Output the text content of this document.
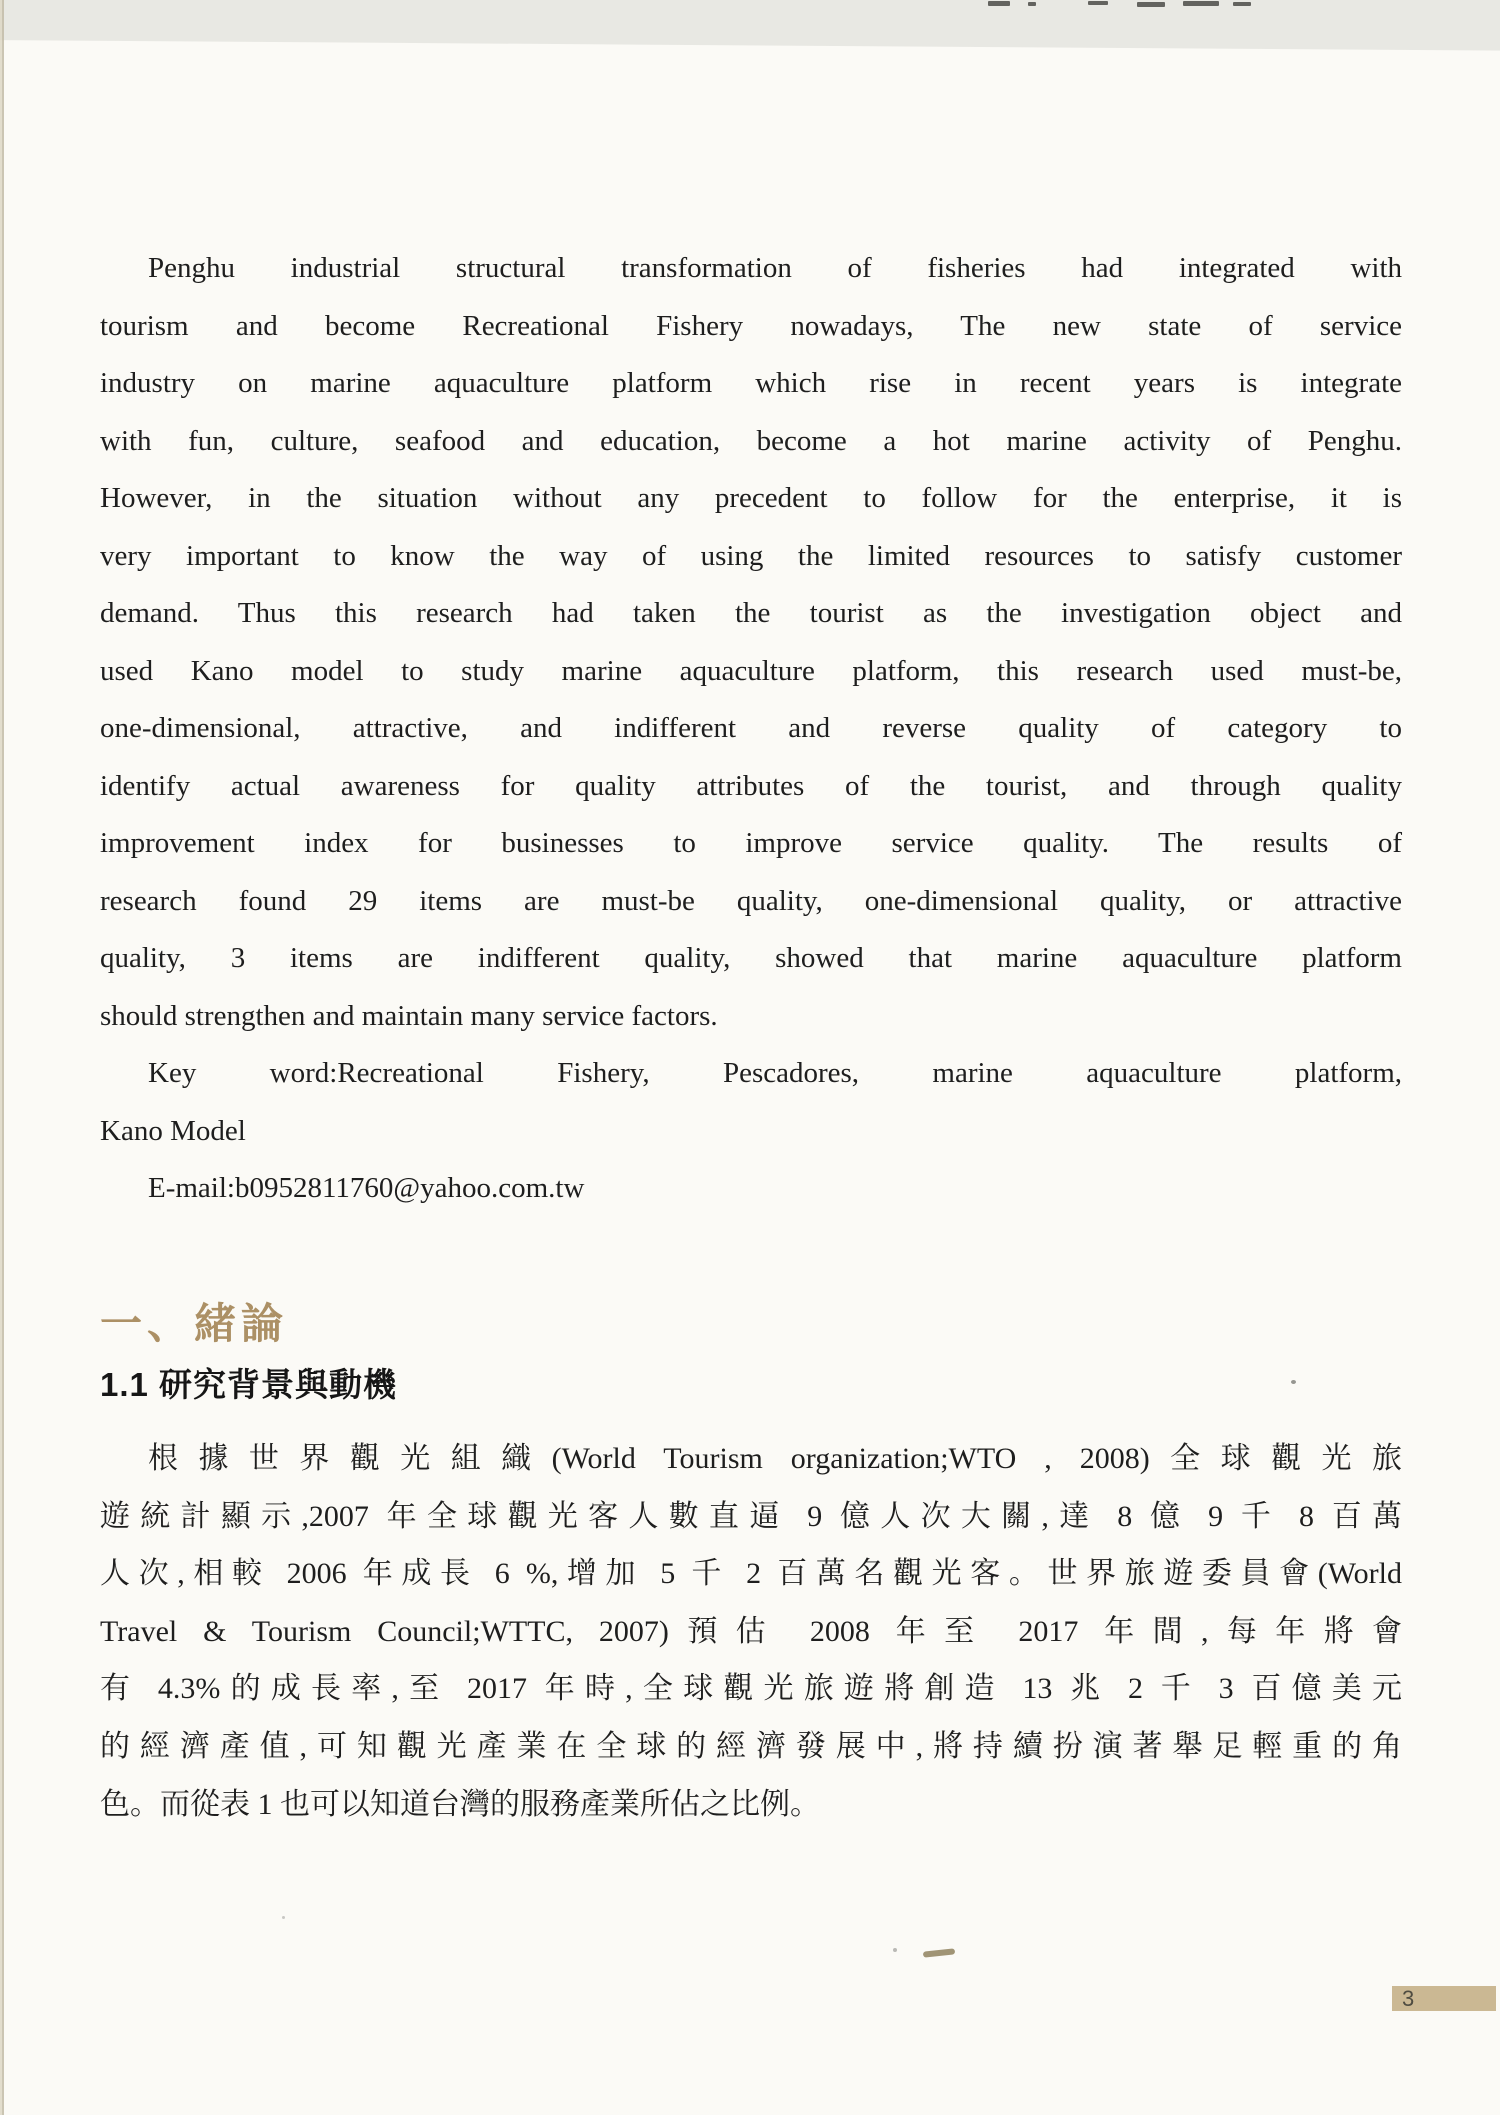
Penghu industrial structural transformation of fisheries had integrated with
tourism and become Recreational Fishery nowadays, The new state of service
industry on marine aquaculture platform which rise in recent years is integrate
with fun, culture, seafood and education, become a hot marine activity of Penghu.
However, in the situation without any precedent to follow for the enterprise, it is
very important to know the way of using the limited resources to satisfy customer
demand. Thus this research had taken the tourist as the investigation object and
used Kano model to study marine aquaculture platform, this research used must-be,
one-dimensional, attractive, and indifferent and reverse quality of category to
identify actual awareness for quality attributes of the tourist, and through quality
improvement index for businesses to improve service quality. The results of
research found 29 items are must-be quality, one-dimensional quality, or attractive
quality, 3 items are indifferent quality, showed that marine aquaculture platform
should strengthen and maintain many service factors.
Key word:Recreational Fishery, Pescadores, marine aquaculture platform,
Kano Model
E-mail:b0952811760@yahoo.com.tw
一、緒論
1.1 研究背景與動機
根據世界觀光組織(World Tourism organization;WTO , 2008)全球觀光旅
遊統計顯示,2007 年全球觀光客人數直逼 9 億人次大關,達 8 億 9 千 8 百萬
人次,相較 2006 年成長 6 %,增加 5 千 2 百萬名觀光客。世界旅遊委員會(World
Travel & Tourism Council;WTTC, 2007)預估 2008 年至 2017 年間,每年將會
有 4.3%的成長率,至 2017 年時,全球觀光旅遊將創造 13 兆 2 千 3 百億美元
的經濟產值,可知觀光產業在全球的經濟發展中,將持續扮演著舉足輕重的角
色。而從表 1 也可以知道台灣的服務產業所佔之比例。
3
